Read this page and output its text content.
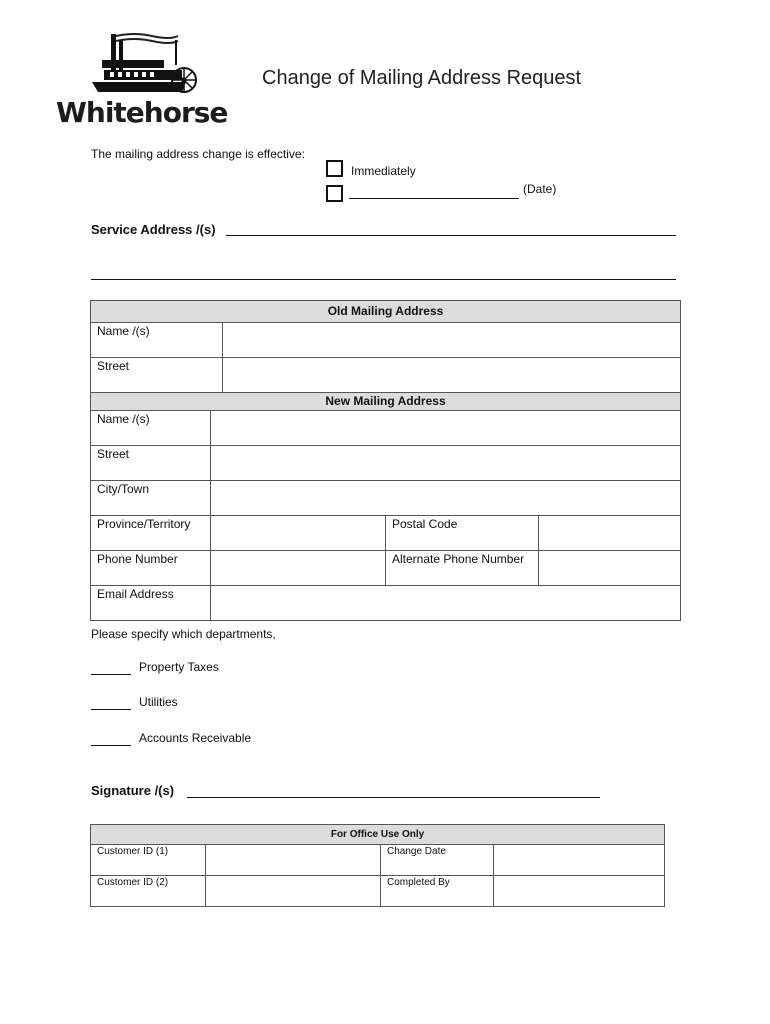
Whitehorse
Change of Mailing Address Request
The mailing address change is effective:
Immediately
(Date)
Service Address /(s)
Old Mailing Address				
Name /(s)	
Street	
New Mailing Address				
Name /(s)	
Street	
City/Town	
Province/Territory			Postal Code	
Phone Number			Alternate Phone Number	
Email Address	
Please specify which departments,
Property Taxes
Utilities
Accounts Receivable
Signature /(s)
For Office Use Only			
Customer ID (1)		Change Date	
Customer ID (2)		Completed By	
